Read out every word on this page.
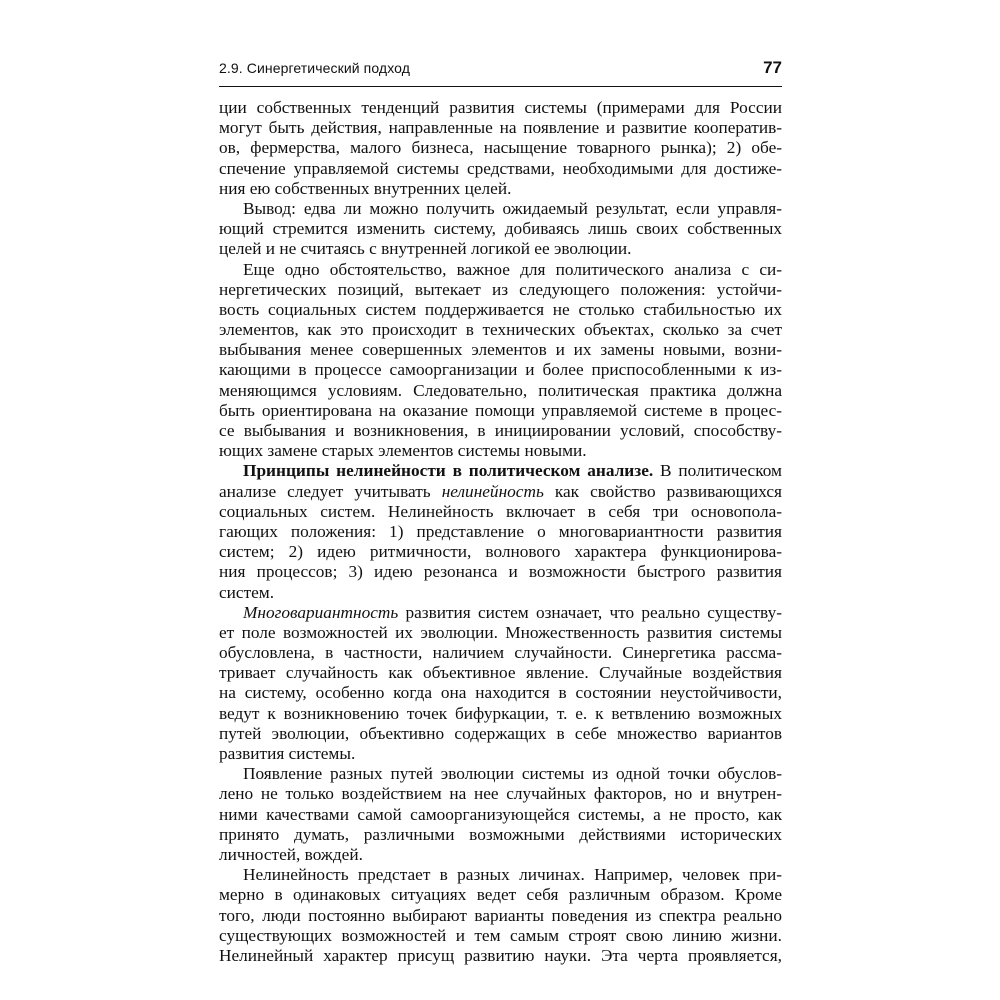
2.9. Синергетический подход	77
ции собственных тенденций развития системы (примерами для России
могут быть действия, направленные на появление и развитие кооператив-
ов, фермерства, малого бизнеса, насыщение товарного рынка); 2) обе-
спечение управляемой системы средствами, необходимыми для достиже-
ния ею собственных внутренних целей.
Вывод: едва ли можно получить ожидаемый результат, если управля-
ющий стремится изменить систему, добиваясь лишь своих собственных
целей и не считаясь с внутренней логикой ее эволюции.
Еще одно обстоятельство, важное для политического анализа с си-
нергетических позиций, вытекает из следующего положения: устойчи-
вость социальных систем поддерживается не столько стабильностью их
элементов, как это происходит в технических объектах, сколько за счет
выбывания менее совершенных элементов и их замены новыми, возни-
кающими в процессе самоорганизации и более приспособленными к из-
меняющимся условиям. Следовательно, политическая практика должна
быть ориентирована на оказание помощи управляемой системе в процес-
се выбывания и возникновения, в инициировании условий, способству-
ющих замене старых элементов системы новыми.
Принципы нелинейности в политическом анализе. В политическом
анализе следует учитывать нелинейность как свойство развивающихся
социальных систем. Нелинейность включает в себя три основопола-
гающих положения: 1) представление о многовариантности развития
систем; 2) идею ритмичности, волнового характера функционирова-
ния процессов; 3) идею резонанса и возможности быстрого развития
систем.
Многовариантность развития систем означает, что реально существу-
ет поле возможностей их эволюции. Множественность развития системы
обусловлена, в частности, наличием случайности. Синергетика рассма-
тривает случайность как объективное явление. Случайные воздействия
на систему, особенно когда она находится в состоянии неустойчивости,
ведут к возникновению точек бифуркации, т. е. к ветвлению возможных
путей эволюции, объективно содержащих в себе множество вариантов
развития системы.
Появление разных путей эволюции системы из одной точки обуслов-
лено не только воздействием на нее случайных факторов, но и внутрен-
ними качествами самой самоорганизующейся системы, а не просто, как
принято думать, различными возможными действиями исторических
личностей, вождей.
Нелинейность предстает в разных личинах. Например, человек при-
мерно в одинаковых ситуациях ведет себя различным образом. Кроме
того, люди постоянно выбирают варианты поведения из спектра реально
существующих возможностей и тем самым строят свою линию жизни.
Нелинейный характер присущ развитию науки. Эта черта проявляется,
